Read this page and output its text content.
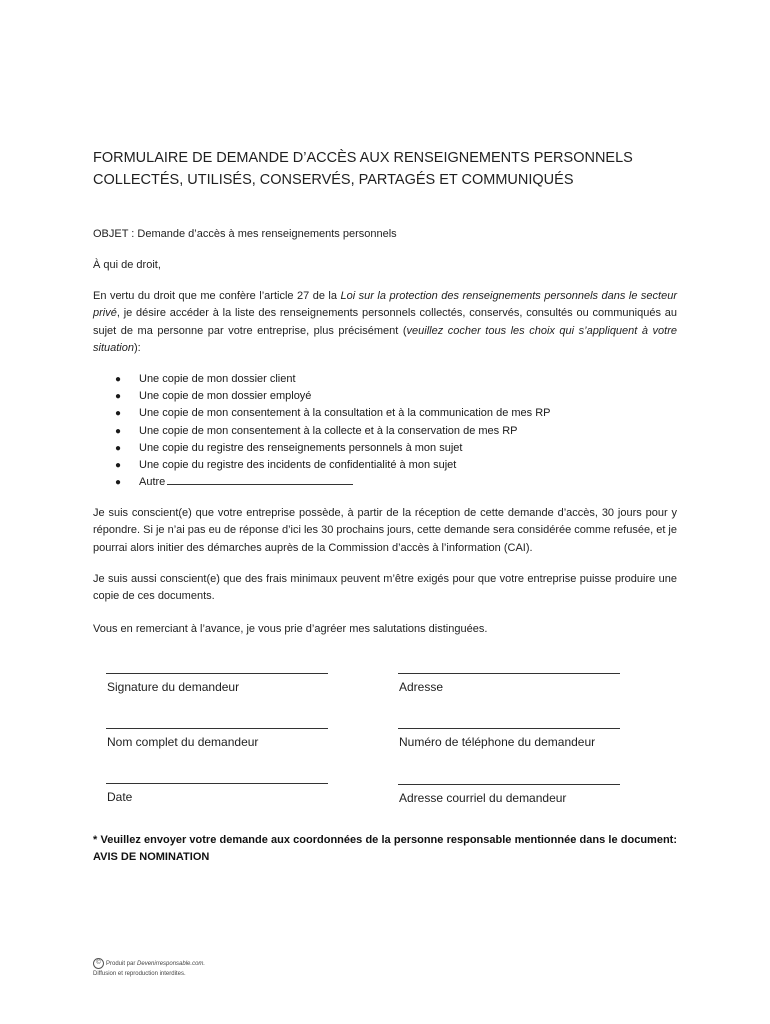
FORMULAIRE DE DEMANDE D’ACCÈS AUX RENSEIGNEMENTS PERSONNELS
COLLECTÉS, UTILISÉS, CONSERVÉS, PARTAGÉS ET COMMUNIQUÉS
OBJET : Demande d’accès à mes renseignements personnels
À qui de droit,
En vertu du droit que me confère l’article 27 de la Loi sur la protection des renseignements personnels dans le secteur privé, je désire accéder à la liste des renseignements personnels collectés, conservés, consultés ou communiqués au sujet de ma personne par votre entreprise, plus précisément (veuillez cocher tous les choix qui s’appliquent à votre situation):
● Une copie de mon dossier client
● Une copie de mon dossier employé
● Une copie de mon consentement à la consultation et à la communication de mes RP
● Une copie de mon consentement à la collecte et à la conservation de mes RP
● Une copie du registre des renseignements personnels à mon sujet
● Une copie du registre des incidents de confidentialité à mon sujet
● Autre
Je suis conscient(e) que votre entreprise possède, à partir de la réception de cette demande d’accès, 30 jours pour y répondre. Si je n’ai pas eu de réponse d’ici les 30 prochains jours, cette demande sera considérée comme refusée, et je pourrai alors initier des démarches auprès de la Commission d’accès à l’information (CAI).
Je suis aussi conscient(e) que des frais minimaux peuvent m’être exigés pour que votre entreprise puisse produire une copie de ces documents.
Vous en remerciant à l’avance, je vous prie d’agréer mes salutations distinguées.
Signature du demandeur	Adresse
Nom complet du demandeur	Numéro de téléphone du demandeur
Date	Adresse courriel du demandeur
* Veuillez envoyer votre demande aux coordonnées de la personne responsable mentionnée dans le document: AVIS DE NOMINATION
© Produit par Devenirresponsable.com.
Diffusion et reproduction interdites.
